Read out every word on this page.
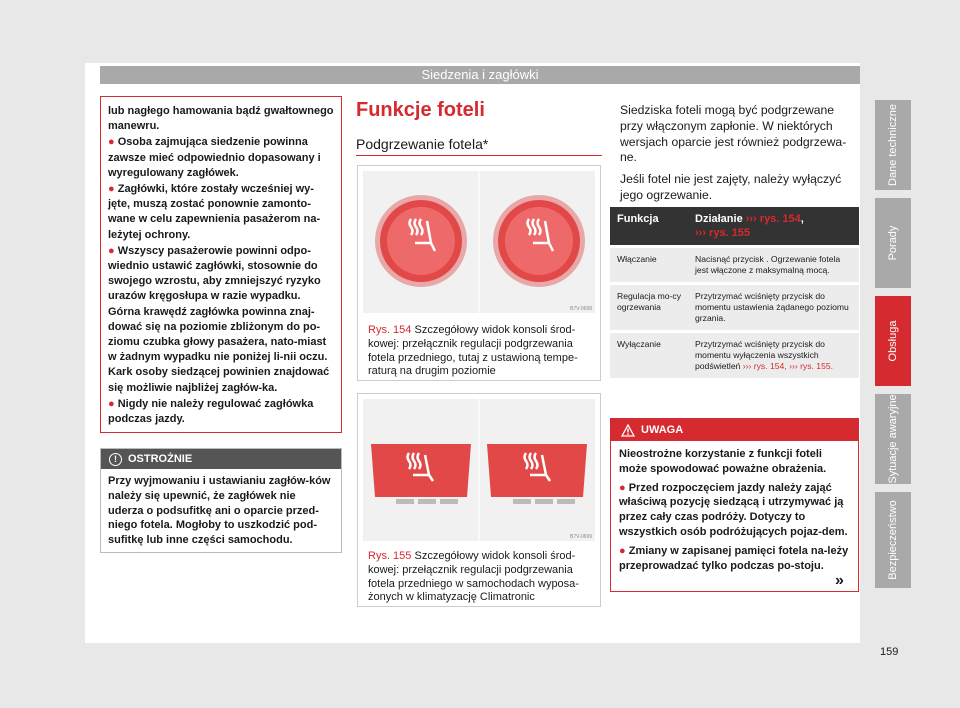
Siedzenia i zagłówki

lub nagłego hamowania bądź gwałtownego manewru.

● Osoba zajmująca siedzenie powinna zawsze mieć odpowiednio dopasowany i wyregulowany zagłówek.

● Zagłówki, które zostały wcześniej wy-jęte, muszą zostać ponownie zamonto-wane w celu zapewnienia pasażerom na-leżytej ochrony.

● Wszyscy pasażerowie powinni odpo-wiednio ustawić zagłówki, stosownie do swojego wzrostu, aby zmniejszyć ryzyko urazów kręgosłupa w razie wypadku. Górna krawędź zagłówka powinna znaj-dować się na poziomie zbliżonym do po-ziomu czubka głowy pasażera, nato-miast w żadnym wypadku nie poniżej li-nii oczu. Kark osoby siedzącej powinien znajdować się możliwie najbliżej zagłów-ka.

● Nigdy nie należy regulować zagłówka podczas jazdy.

! OSTROŻNIE
Przy wyjmowaniu i ustawianiu zagłów-ków należy się upewnić, że zagłówek nie uderza o podsufitkę ani o oparcie przed-niego fotela. Mogłoby to uszkodzić pod-sufitkę lub inne części samochodu.
Funkcje foteli
Podgrzewanie fotela*
B7V-0698
Rys. 154 Szczegółowy widok konsoli środ-kowej: przełącznik regulacji podgrzewania fotela przedniego, tutaj z ustawioną tempe-raturą na drugim poziomie
B7V-0699
Rys. 155 Szczegółowy widok konsoli środ-kowej: przełącznik regulacji podgrzewania fotela przedniego w samochodach wyposa-żonych w klimatyzację Climatronic

Siedziska foteli mogą być podgrzewane przy włączonym zapłonie. W niektórych wersjach oparcie jest również podgrzewa-ne.

Jeśli fotel nie jest zajęty, należy wyłączyć jego ogrzewanie.

Funkcja	Działanie ››› rys. 154,
››› rys. 155
Włączanie	Nacisnąć przycisk . Ogrzewanie fotela jest włączone z maksymalną mocą.
Regulacja mo-cy ogrzewania	Przytrzymać wciśnięty przycisk do momentu ustawienia żądanego poziomu grzania.
Wyłączanie	Przytrzymać wciśnięty przycisk do momentu wyłączenia wszystkich podświetleń ››› rys. 154, ››› rys. 155.
UWAGA

Nieostrożne korzystanie z funkcji foteli może spowodować poważne obrażenia.

● Przed rozpoczęciem jazdy należy zająć właściwą pozycję siedzącą i utrzymywać ją przez cały czas podróży. Dotyczy to wszystkich osób podróżujących pojaz-dem.

● Zmiany w zapisanej pamięci fotela na-leży przeprowadzać tylko podczas po-stoju.

»
Dane techniczne
Porady
Obsługa
Sytuacje awaryjne
Bezpieczeństwo
159
